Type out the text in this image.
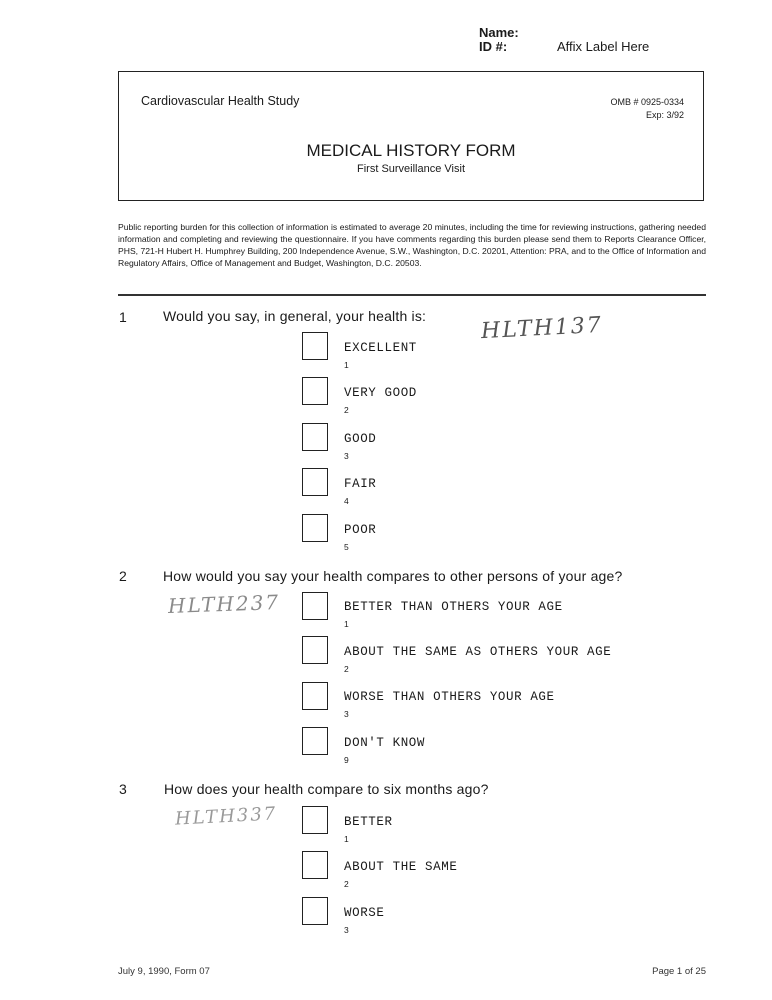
Name:
ID #:	Affix Label Here
Cardiovascular Health Study	OMB # 0925-0334
Exp: 3/92
MEDICAL HISTORY FORM
First Surveillance Visit
Public reporting burden for this collection of information is estimated to average 20 minutes, including the time for reviewing instructions, gathering needed information and completing and reviewing the questionnaire. If you have comments regarding this burden please send them to Reports Clearance Officer, PHS, 721-H Hubert H. Humphrey Building, 200 Independence Avenue, S.W., Washington, D.C. 20201, Attention: PRA, and to the Office of Information and Regulatory Affairs, Office of Management and Budget, Washington, D.C. 20503.
1	Would you say, in general, your health is: HLTH137
EXCELLENT
1
VERY GOOD
2
GOOD
3
FAIR
4
POOR
5
2	How would you say your health compares to other persons of your age?
HLTH237	BETTER THAN OTHERS YOUR AGE
1
ABOUT THE SAME AS OTHERS YOUR AGE
2
WORSE THAN OTHERS YOUR AGE
3
DON'T KNOW
9
3	How does your health compare to six months ago?
HLTH337	BETTER
1
ABOUT THE SAME
2
WORSE
3
July 9, 1990, Form 07	Page 1 of 25
